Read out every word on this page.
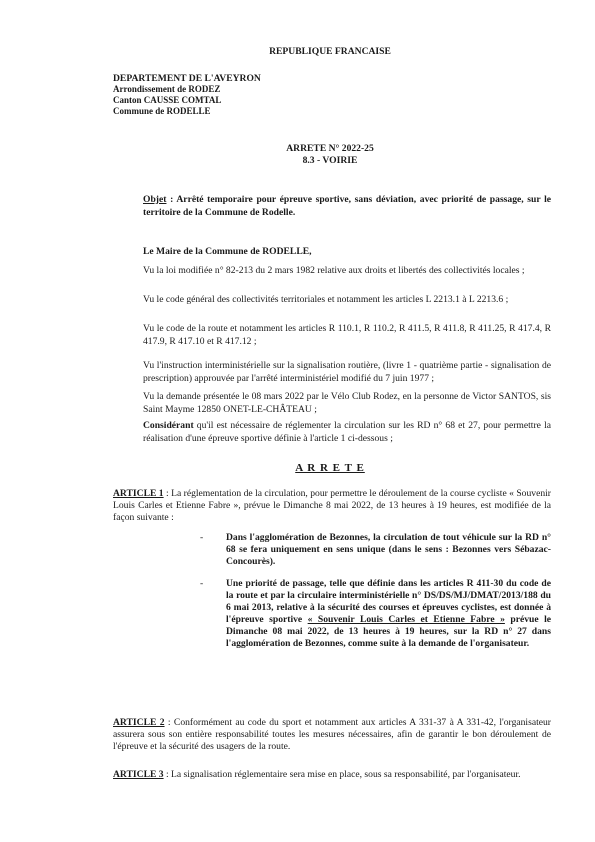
REPUBLIQUE FRANCAISE
DEPARTEMENT DE L'AVEYRON
Arrondissement de RODEZ
Canton CAUSSE COMTAL
Commune de RODELLE
ARRETE N° 2022-25
8.3 - VOIRIE
Objet : Arrêté temporaire pour épreuve sportive, sans déviation, avec priorité de passage, sur le territoire de la Commune de Rodelle.
Le Maire de la Commune de RODELLE,
Vu la loi modifiée n° 82-213 du 2 mars 1982 relative aux droits et libertés des collectivités locales ;
Vu le code général des collectivités territoriales et notamment les articles L 2213.1 à L 2213.6 ;
Vu le code de la route et notamment les articles R 110.1, R 110.2, R 411.5, R 411.8, R 411.25, R 417.4, R 417.9, R 417.10 et R 417.12 ;
Vu l'instruction interministérielle sur la signalisation routière, (livre 1 - quatrième partie - signalisation de prescription) approuvée par l'arrêté interministériel modifié du 7 juin 1977 ;
Vu la demande présentée le 08 mars 2022 par le Vélo Club Rodez, en la personne de Victor SANTOS, sis Saint Mayme 12850 ONET-LE-CHÂTEAU ;
Considérant qu'il est nécessaire de réglementer la circulation sur les RD n° 68 et 27, pour permettre la réalisation d'une épreuve sportive définie à l'article 1 ci-dessous ;
A R R E T E
ARTICLE 1 : La réglementation de la circulation, pour permettre le déroulement de la course cycliste « Souvenir Louis Carles et Etienne Fabre », prévue le Dimanche 8 mai 2022, de 13 heures à 19 heures, est modifiée de la façon suivante :
- Dans l'agglomération de Bezonnes, la circulation de tout véhicule sur la RD n° 68 se fera uniquement en sens unique (dans le sens : Bezonnes vers Sébazac-Concourès).
- Une priorité de passage, telle que définie dans les articles R 411-30 du code de la route et par la circulaire interministérielle n° DS/DS/MJ/DMAT/2013/188 du 6 mai 2013, relative à la sécurité des courses et épreuves cyclistes, est donnée à l'épreuve sportive « Souvenir Louis Carles et Etienne Fabre » prévue le Dimanche 08 mai 2022, de 13 heures à 19 heures, sur la RD n° 27 dans l'agglomération de Bezonnes, comme suite à la demande de l'organisateur.
ARTICLE 2 : Conformément au code du sport et notamment aux articles A 331-37 à A 331-42, l'organisateur assurera sous son entière responsabilité toutes les mesures nécessaires, afin de garantir le bon déroulement de l'épreuve et la sécurité des usagers de la route.
ARTICLE 3 : La signalisation réglementaire sera mise en place, sous sa responsabilité, par l'organisateur.
